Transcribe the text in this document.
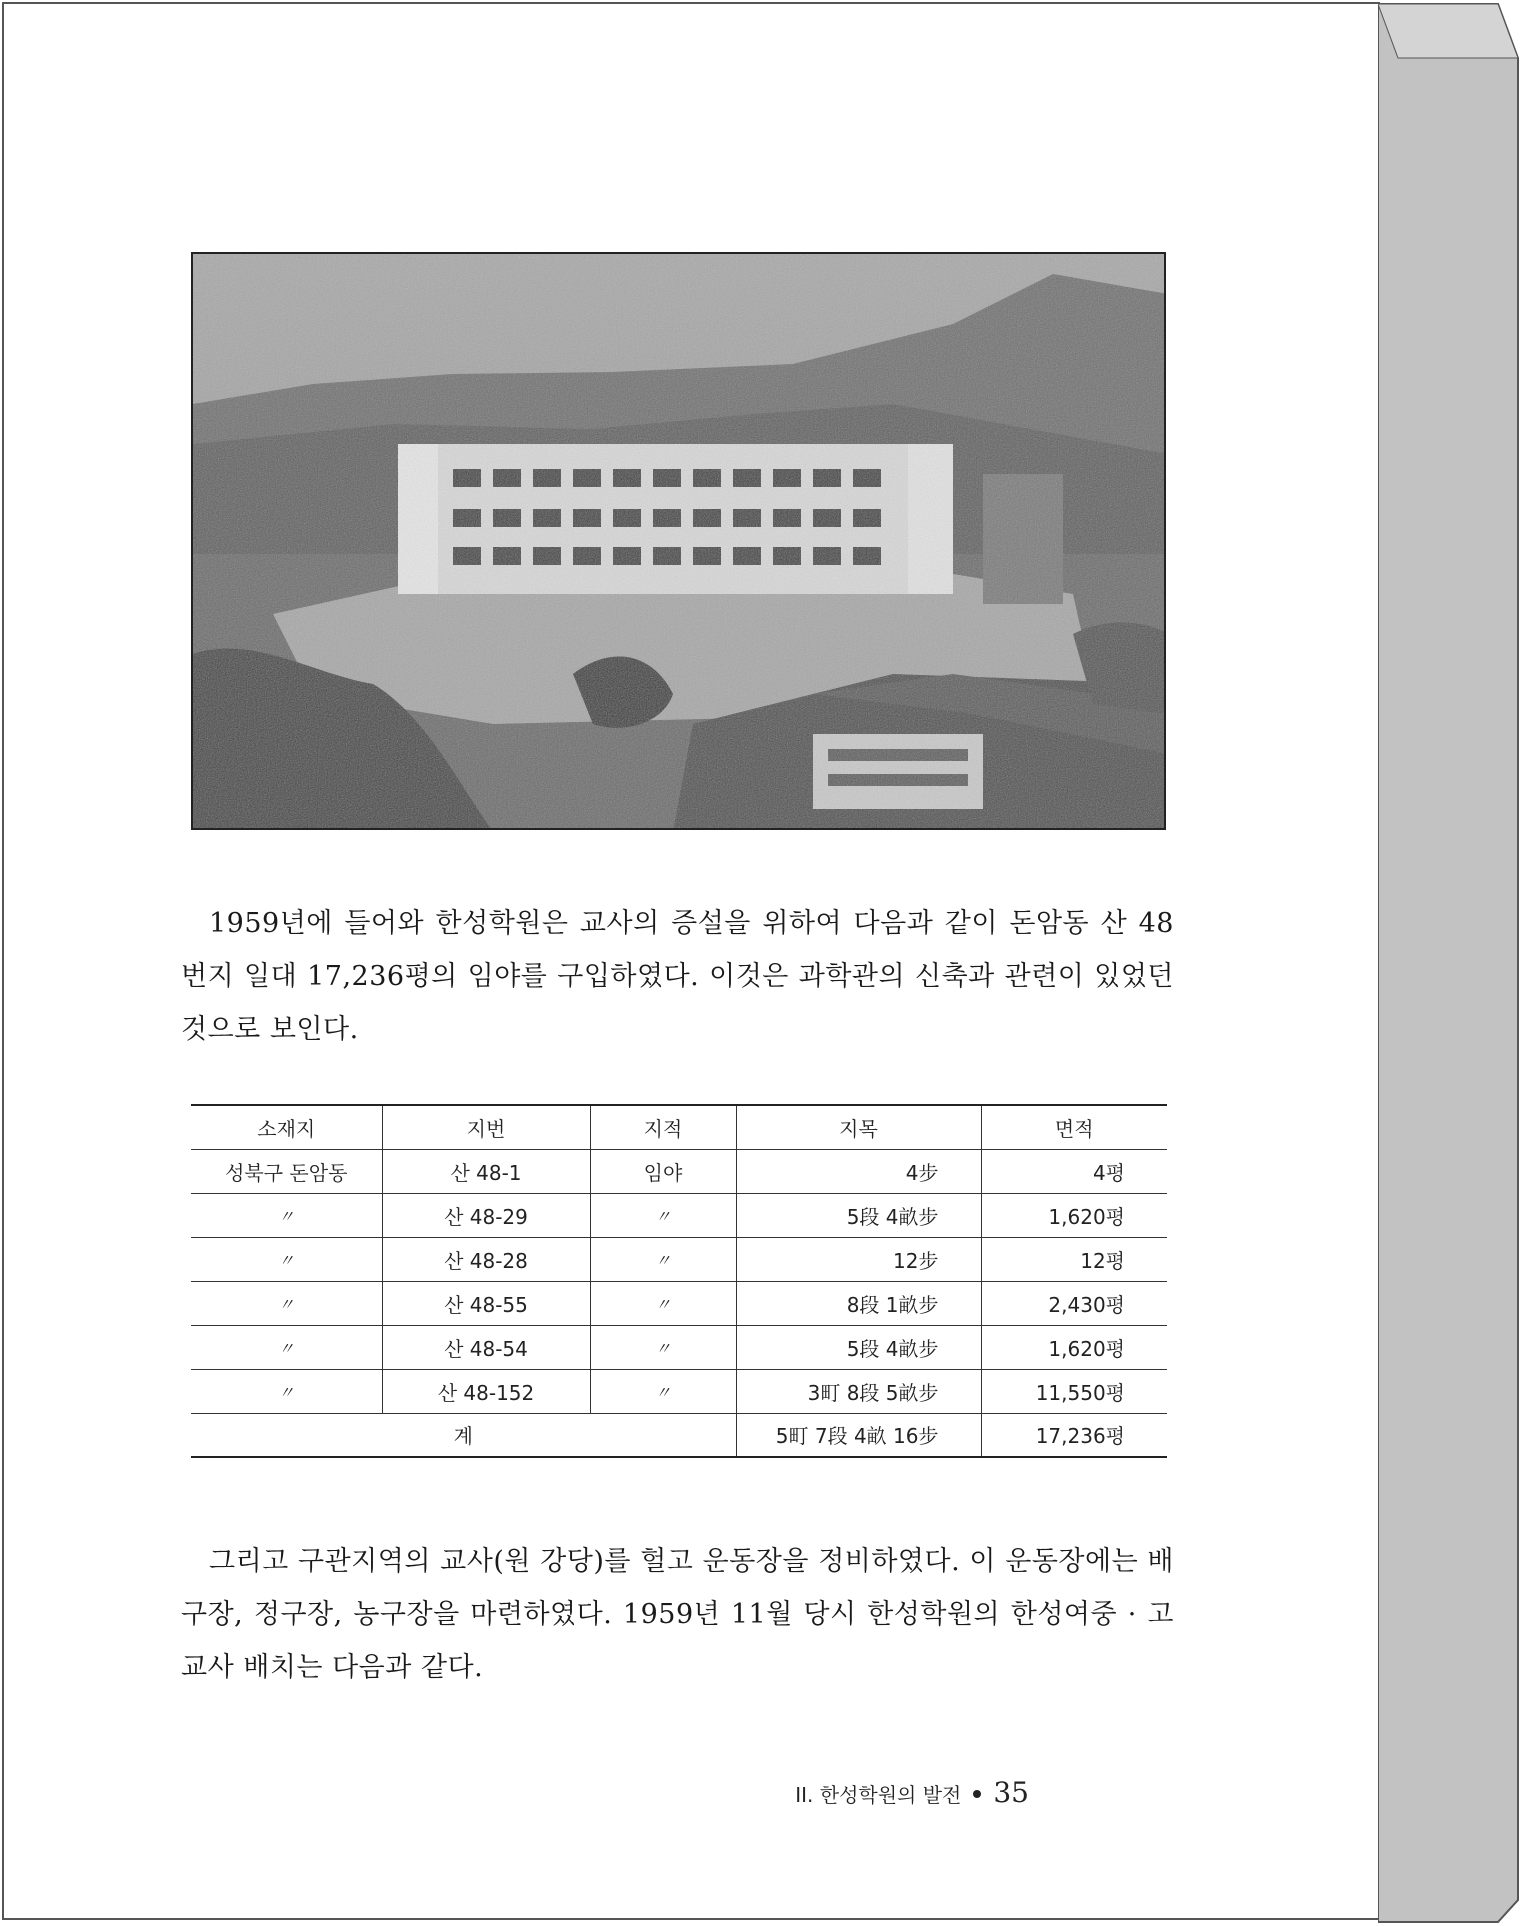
1959년에 들어와 한성학원은 교사의 증설을 위하여 다음과 같이 돈암동 산 48번지 일대 17,236평의 임야를 구입하였다. 이것은 과학관의 신축과 관련이 있었던 것으로 보인다.

소재지	지번	지적	지목	면적
성북구 돈암동	산 48-1	임야	4步	4평
〃	산 48-29	〃	5段 4畝步	1,620평
〃	산 48-28	〃	12步	12평
〃	산 48-55	〃	8段 1畝步	2,430평
〃	산 48-54	〃	5段 4畝步	1,620평
〃	산 48-152	〃	3町 8段 5畝步	11,550평
계			5町 7段 4畝 16步	17,236평

그리고 구관지역의 교사(원 강당)를 헐고 운동장을 정비하였다. 이 운동장에는 배구장, 정구장, 농구장을 마련하였다. 1959년 11월 당시 한성학원의 한성여중 · 고 교사 배치는 다음과 같다.

II. 한성학원의 발전 35
